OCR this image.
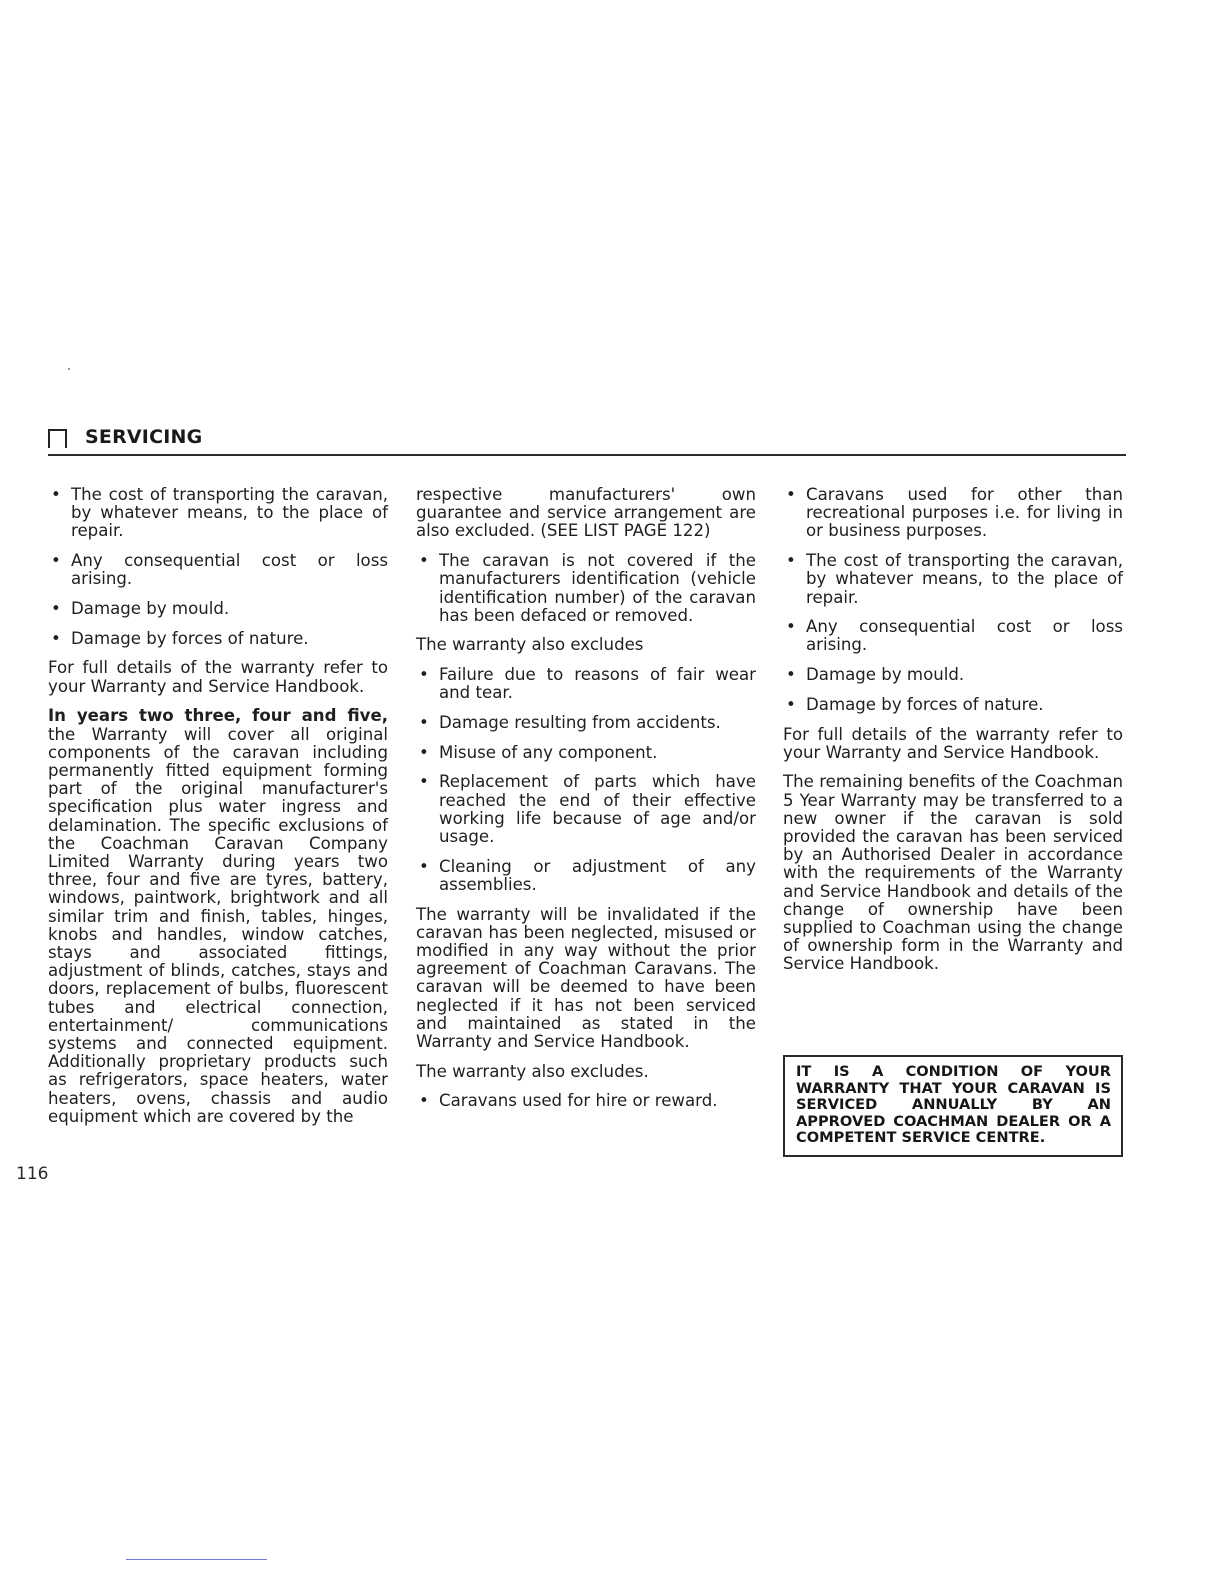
SERVICING
• The cost of transporting the caravan, by whatever means, to the place of repair.
• Any consequential cost or loss arising.
• Damage by mould.
• Damage by forces of nature.

For full details of the warranty refer to your Warranty and Service Handbook.

In years two three, four and five, the Warranty will cover all original components of the caravan including permanently fitted equipment forming part of the original manufacturer's specification plus water ingress and delamination. The specific exclusions of the Coachman Caravan Company Limited Warranty during years two three, four and five are tyres, battery, windows, paintwork, brightwork and all similar trim and finish, tables, hinges, knobs and handles, window catches, stays and associated fittings, adjustment of blinds, catches, stays and doors, replacement of bulbs, fluorescent tubes and electrical connection, entertainment/ communications systems and connected equipment. Additionally proprietary products such as refrigerators, space heaters, water heaters, ovens, chassis and audio equipment which are covered by the

respective manufacturers' own guarantee and service arrangement are also excluded. (SEE LIST PAGE 122)

• The caravan is not covered if the manufacturers identification (vehicle identification number) of the caravan has been defaced or removed.

The warranty also excludes

• Failure due to reasons of fair wear and tear.
• Damage resulting from accidents.
• Misuse of any component.
• Replacement of parts which have reached the end of their effective working life because of age and/or usage.
• Cleaning or adjustment of any assemblies.

The warranty will be invalidated if the caravan has been neglected, misused or modified in any way without the prior agreement of Coachman Caravans. The caravan will be deemed to have been neglected if it has not been serviced and maintained as stated in the Warranty and Service Handbook.

The warranty also excludes.

• Caravans used for hire or reward.
• Caravans used for other than recreational purposes i.e. for living in or business purposes.
• The cost of transporting the caravan, by whatever means, to the place of repair.
• Any consequential cost or loss arising.
• Damage by mould.
• Damage by forces of nature.

For full details of the warranty refer to your Warranty and Service Handbook.

The remaining benefits of the Coachman 5 Year Warranty may be transferred to a new owner if the caravan is sold provided the caravan has been serviced by an Authorised Dealer in accordance with the requirements of the Warranty and Service Handbook and details of the change of ownership have been supplied to Coachman using the change of ownership form in the Warranty and Service Handbook.

IT IS A CONDITION OF YOUR WARRANTY THAT YOUR CARAVAN IS SERVICED ANNUALLY BY AN APPROVED COACHMAN DEALER OR A COMPETENT SERVICE CENTRE.
116
